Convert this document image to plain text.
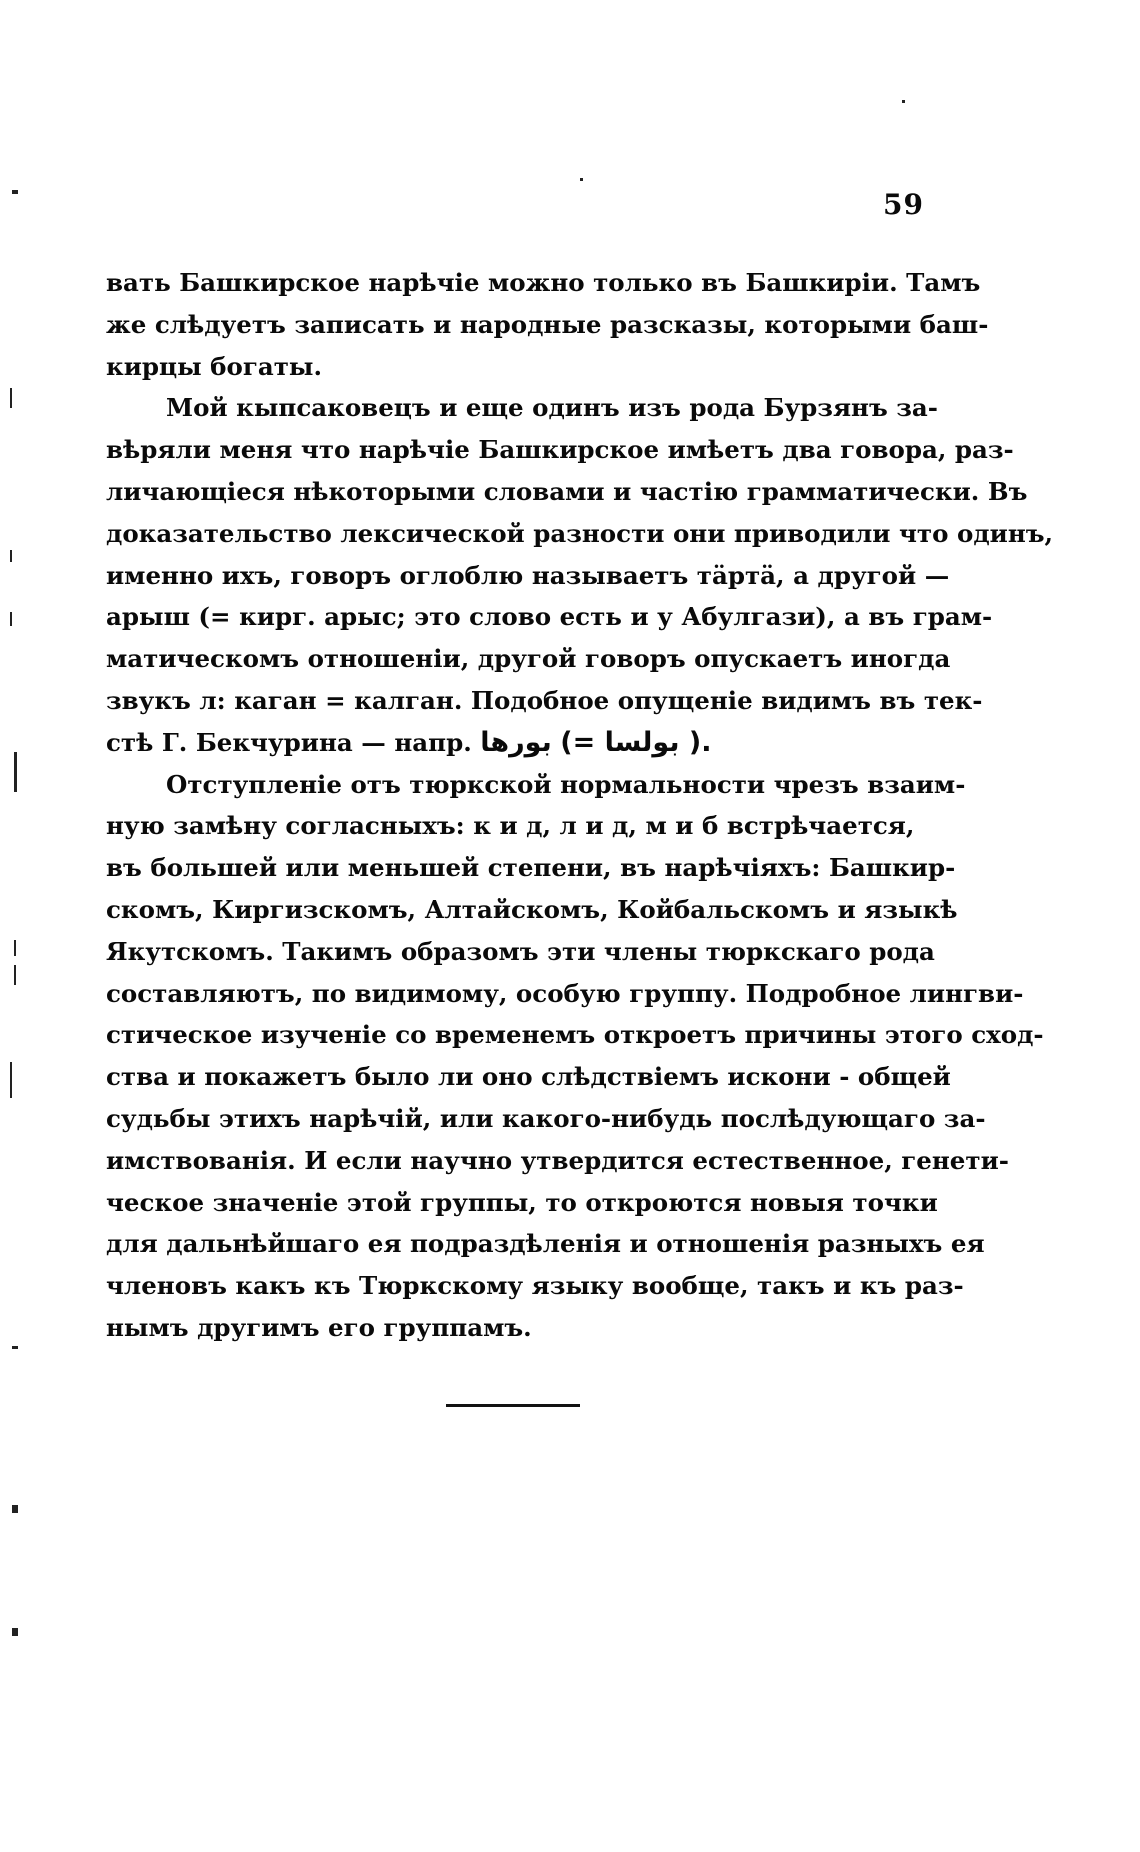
59
вать Башкирское нарѣчіе можно только въ Башкиріи. Тамъ
же слѣдуетъ записать и народные разсказы, которыми баш-
киpцы богаты.
Мой кыпсаковецъ и еще одинъ изъ рода Бурзянъ за-
вѣряли меня что нарѣчіе Башкирское имѣетъ два говора, раз-
личающіеся нѣкоторыми словами и частію грамматически. Въ
доказательство лексической разности они приводили что одинъ,
именно ихъ, говоръ оглоблю называетъ тäртä, а другой —
арыш (= кирг. арыс; это слово есть и у Абулгази), а въ грам-
матическомъ отношеніи, другой говоръ опускаетъ иногда
звукъ л: каган = калган. Подобное опущеніе видимъ въ тек-
стѣ Г. Бекчурина — напр. بورها (= بولسا ).
Отступленіе отъ тюркской нормальности чрезъ взаим-
ную замѣну согласныхъ: к и д, л и д, м и б встрѣчается,
въ большей или меньшей степени, въ нарѣчіяхъ: Башкир-
скомъ, Киргизскомъ, Алтайскомъ, Койбальскомъ и языкѣ
Якутскомъ. Такимъ образомъ эти члены тюркскаго рода
составляютъ, по видимому, особую группу. Подробное лингви-
стическое изученіе со временемъ откроетъ причины этого сход-
ства и покажетъ было ли оно слѣдствіемъ искони - общей
судьбы этихъ нарѣчій, или какого-нибудь послѣдующаго за-
имствованія. И если научно утвердится естественное, генети-
ческое значеніе этой группы, то откроются новыя точки
для дальнѣйшаго ея подраздѣленія и отношенія разныхъ ея
членовъ какъ къ Тюркскому языку вообще, такъ и къ раз-
нымъ другимъ его группамъ.
